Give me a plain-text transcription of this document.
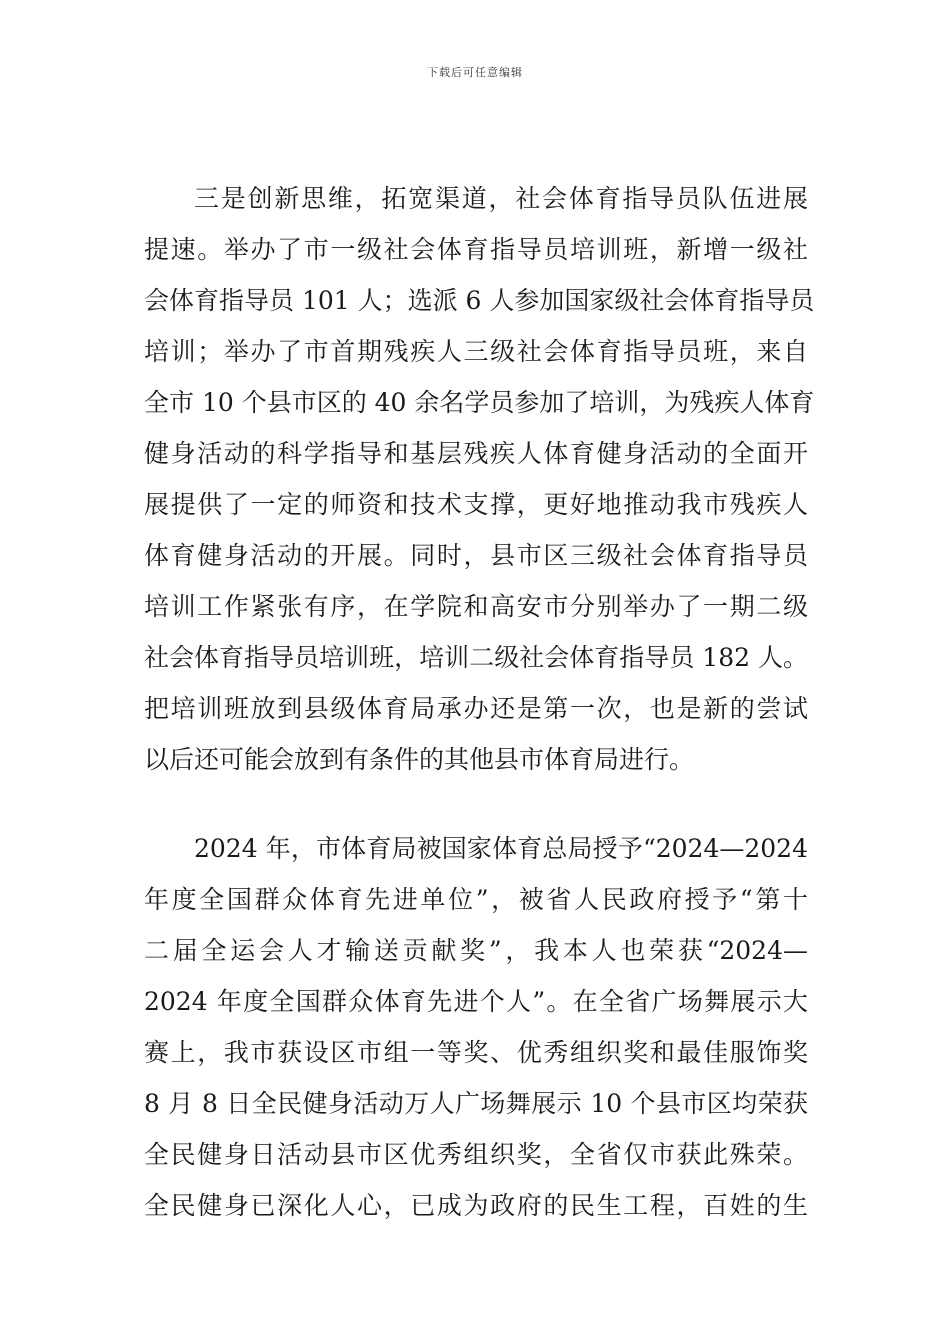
下载后可任意编辑
三是创新思维，拓宽渠道，社会体育指导员队伍进展
提速。举办了市一级社会体育指导员培训班，新增一级社
会体育指导员 101 人；选派 6 人参加国家级社会体育指导员
培训；举办了市首期残疾人三级社会体育指导员班，来自
全市 10 个县市区的 40 余名学员参加了培训，为残疾人体育
健身活动的科学指导和基层残疾人体育健身活动的全面开
展提供了一定的师资和技术支撑，更好地推动我市残疾人
体育健身活动的开展。同时，县市区三级社会体育指导员
培训工作紧张有序，在学院和高安市分别举办了一期二级
社会体育指导员培训班，培训二级社会体育指导员 182 人。
把培训班放到县级体育局承办还是第一次，也是新的尝试
以后还可能会放到有条件的其他县市体育局进行。
2024 年，市体育局被国家体育总局授予“2024—2024
年度全国群众体育先进单位”，被省人民政府授予“第十
二届全运会人才输送贡献奖”，我本人也荣获“2024—
2024 年度全国群众体育先进个人”。在全省广场舞展示大
赛上，我市获设区市组一等奖、优秀组织奖和最佳服饰奖
8 月 8 日全民健身活动万人广场舞展示 10 个县市区均荣获
全民健身日活动县市区优秀组织奖，全省仅市获此殊荣。
全民健身已深化人心，已成为政府的民生工程，百姓的生
